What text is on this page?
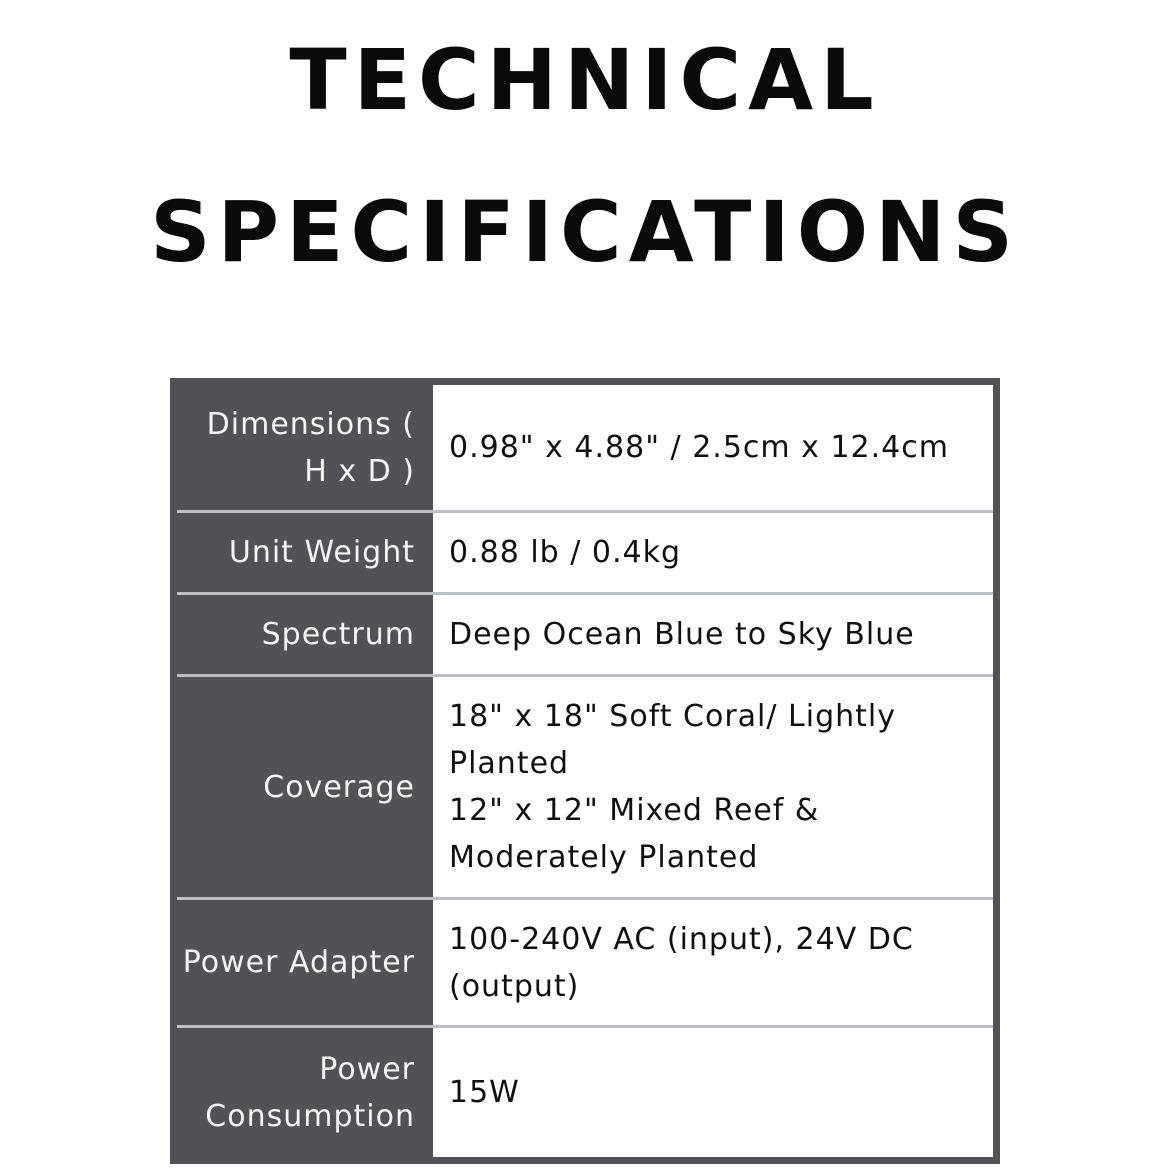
TECHNICAL
SPECIFICATIONS
Dimensions ( H x D )
0.98" x 4.88" / 2.5cm x 12.4cm
Unit Weight	0.88 lb / 0.4kg
Spectrum	Deep Ocean Blue to Sky Blue
Coverage
18" x 18" Soft Coral/ Lightly Planted
12" x 12" Mixed Reef & Moderately Planted
Power Adapter
100-240V AC (input), 24V DC (output)
Power Consumption
15W
